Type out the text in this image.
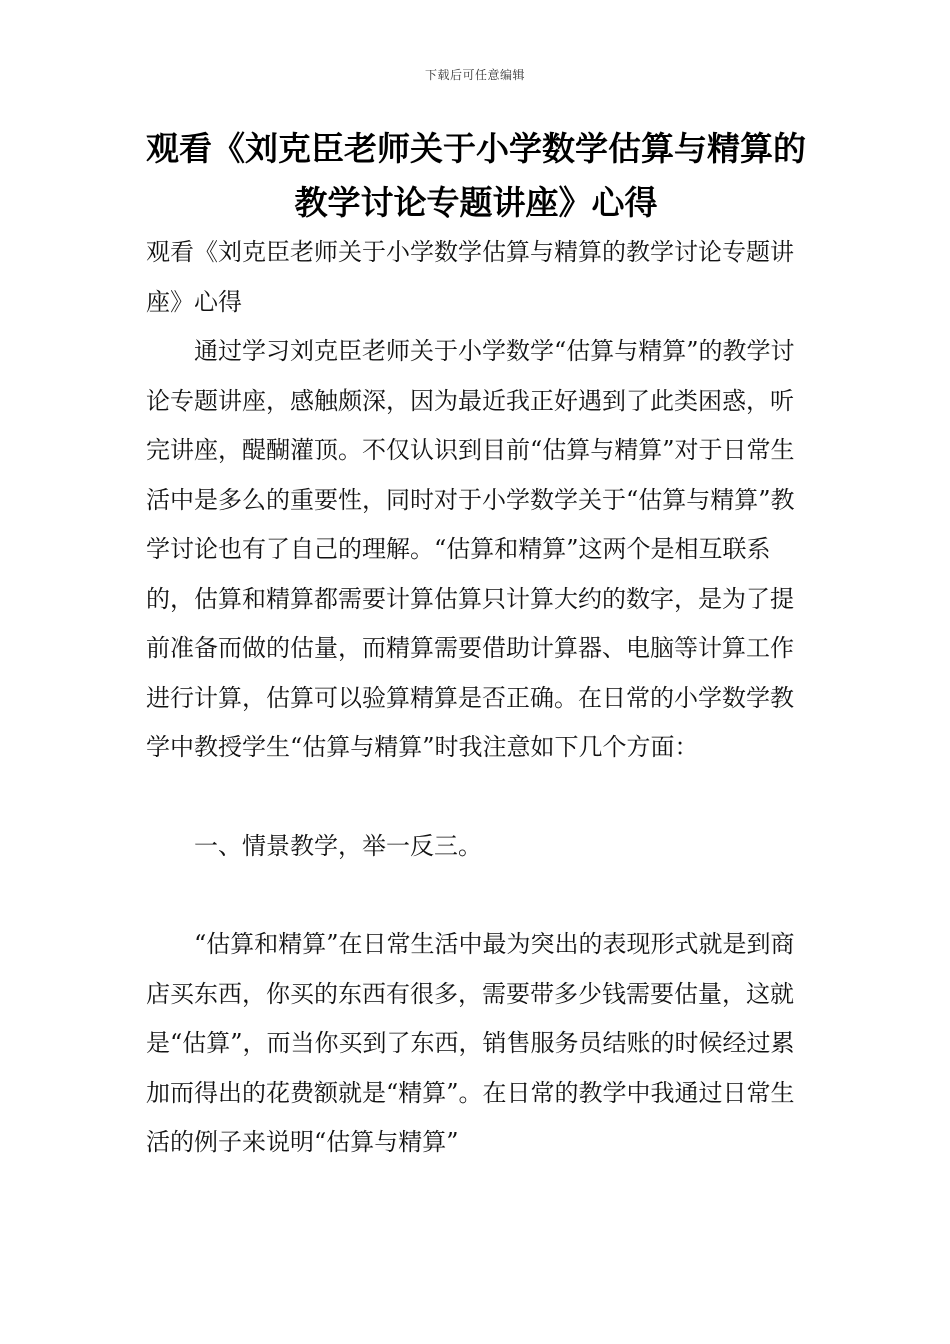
下载后可任意编辑
观看《刘克臣老师关于小学数学估算与精算的教学讨论专题讲座》心得

观看《刘克臣老师关于小学数学估算与精算的教学讨论专题讲座》心得

通过学习刘克臣老师关于小学数学“估算与精算”的教学讨论专题讲座，感触颇深，因为最近我正好遇到了此类困惑，听完讲座，醍醐灌顶。不仅认识到目前“估算与精算”对于日常生活中是多么的重要性，同时对于小学数学关于“估算与精算”教学讨论也有了自己的理解。“估算和精算”这两个是相互联系的，估算和精算都需要计算估算只计算大约的数字，是为了提前准备而做的估量，而精算需要借助计算器、电脑等计算工作进行计算，估算可以验算精算是否正确。在日常的小学数学教学中教授学生“估算与精算”时我注意如下几个方面：

一、情景教学，举一反三。

“估算和精算”在日常生活中最为突出的表现形式就是到商店买东西，你买的东西有很多，需要带多少钱需要估量，这就是“估算”，而当你买到了东西，销售服务员结账的时候经过累加而得出的花费额就是“精算”。在日常的教学中我通过日常生活的例子来说明“估算与精算”
